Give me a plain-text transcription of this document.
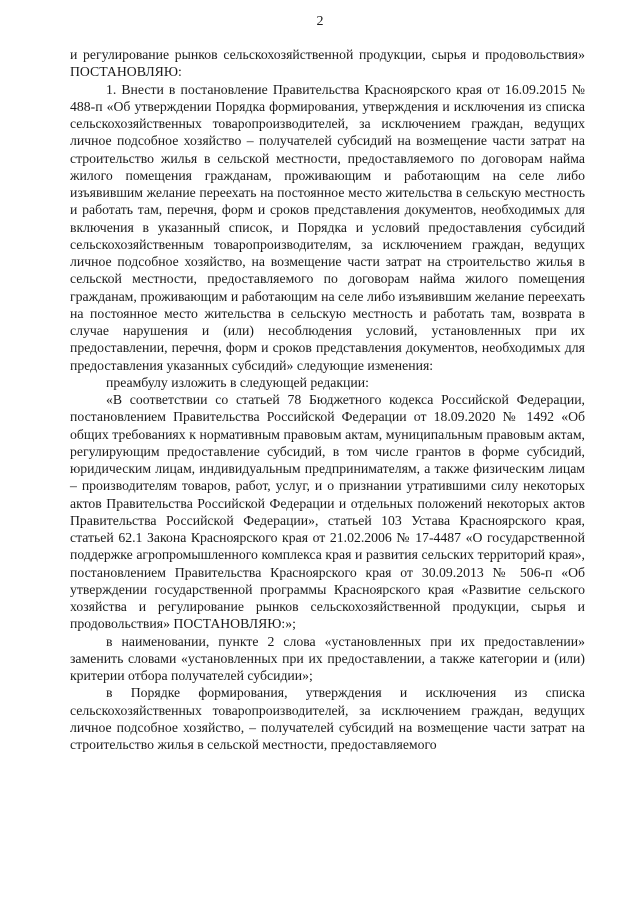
2

и регулирование рынков сельскохозяйственной продукции, сырья и продовольствия» ПОСТАНОВЛЯЮ:

1. Внести в постановление Правительства Красноярского края от 16.09.2015 № 488-п «Об утверждении Порядка формирования, утверждения и исключения из списка сельскохозяйственных товаропроизводителей, за исключением граждан, ведущих личное подсобное хозяйство – получателей субсидий на возмещение части затрат на строительство жилья в сельской местности, предоставляемого по договорам найма жилого помещения гражданам, проживающим и работающим на селе либо изъявившим желание переехать на постоянное место жительства в сельскую местность и работать там, перечня, форм и сроков представления документов, необходимых для включения в указанный список, и Порядка и условий предоставления субсидий сельскохозяйственным товаропроизводителям, за исключением граждан, ведущих личное подсобное хозяйство, на возмещение части затрат на строительство жилья в сельской местности, предоставляемого по договорам найма жилого помещения гражданам, проживающим и работающим на селе либо изъявившим желание переехать на постоянное место жительства в сельскую местность и работать там, возврата в случае нарушения и (или) несоблюдения условий, установленных при их предоставлении, перечня, форм и сроков представления документов, необходимых для предоставления указанных субсидий» следующие изменения:

преамбулу изложить в следующей редакции:

«В соответствии со статьей 78 Бюджетного кодекса Российской Федерации, постановлением Правительства Российской Федерации от 18.09.2020 № 1492 «Об общих требованиях к нормативным правовым актам, муниципальным правовым актам, регулирующим предоставление субсидий, в том числе грантов в форме субсидий, юридическим лицам, индивидуальным предпринимателям, а также физическим лицам – производителям товаров, работ, услуг, и о признании утратившими силу некоторых актов Правительства Российской Федерации и отдельных положений некоторых актов Правительства Российской Федерации», статьей 103 Устава Красноярского края, статьей 62.1 Закона Красноярского края от 21.02.2006 № 17-4487 «О государственной поддержке агропромышленного комплекса края и развития сельских территорий края», постановлением Правительства Красноярского края от 30.09.2013 № 506-п «Об утверждении государственной программы Красноярского края «Развитие сельского хозяйства и регулирование рынков сельскохозяйственной продукции, сырья и продовольствия» ПОСТАНОВЛЯЮ:»;

в наименовании, пункте 2 слова «установленных при их предоставлении» заменить словами «установленных при их предоставлении, а также категории и (или) критерии отбора получателей субсидии»;

в Порядке формирования, утверждения и исключения из списка сельскохозяйственных товаропроизводителей, за исключением граждан, ведущих личное подсобное хозяйство, – получателей субсидий на возмещение части затрат на строительство жилья в сельской местности, предоставляемого
